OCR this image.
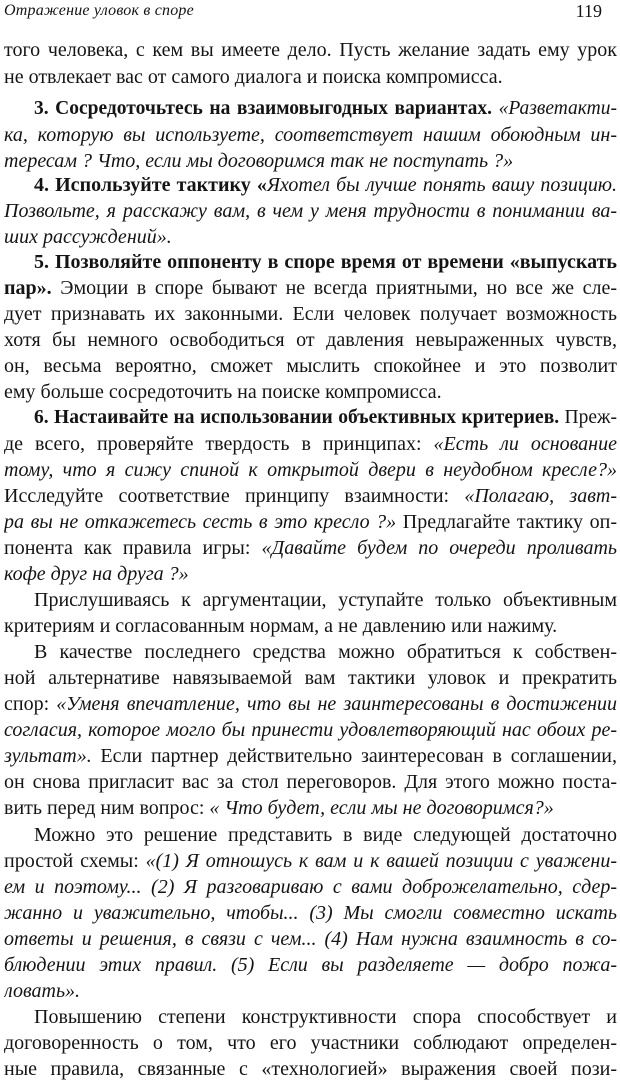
Отражение уловок в споре	119
того человека, с кем вы имеете дело. Пусть желание задать ему урок
не отвлекает вас от самого диалога и поиска компромисса.
3. Сосредоточьтесь на взаимовыгодных вариантах. «Разветакти-
ка, которую вы используете, соответствует нашим обоюдным ин-
тересам ? Что, если мы договоримся так не поступать ?»
4. Используйте тактику «Яхотел бы лучше понять вашу позицию.
Позвольте, я расскажу вам, в чем у меня трудности в понимании ва-
ших рассуждений».
5. Позволяйте оппоненту в споре время от времени «выпускать
пар». Эмоции в споре бывают не всегда приятными, но все же сле-
дует признавать их законными. Если человек получает возможность
хотя бы немного освободиться от давления невыраженных чувств,
он, весьма вероятно, сможет мыслить спокойнее и это позволит
ему больше сосредоточить на поиске компромисса.
6. Настаивайте на использовании объективных критериев. Преж-
де всего, проверяйте твердость в принципах: «Есть ли основание
тому, что я сижу спиной к открытой двери в неудобном кресле?»
Исследуйте соответствие принципу взаимности: «Полагаю, завт-
ра вы не откажетесь сесть в это кресло ?» Предлагайте тактику оп-
понента как правила игры: «Давайте будем по очереди проливать
кофе друг на друга ?»
Прислушиваясь к аргументации, уступайте только объективным
критериям и согласованным нормам, а не давлению или нажиму.
В качестве последнего средства можно обратиться к собствен-
ной альтернативе навязываемой вам тактики уловок и прекратить
спор: «Уменя впечатление, что вы не заинтересованы в достижении
согласия, которое могло бы принести удовлетворяющий нас обоих ре-
зультат». Если партнер действительно заинтересован в соглашении,
он снова пригласит вас за стол переговоров. Для этого можно поста-
вить перед ним вопрос: « Что будет, если мы не договоримся?»
Можно это решение представить в виде следующей достаточно
простой схемы: «(1) Я отношусь к вам и к вашей позиции с уважени-
ем и поэтому... (2) Я разговариваю с вами доброжелательно, сдер-
жанно и уважительно, чтобы... (3) Мы смогли совместно искать
ответы и решения, в связи с чем... (4) Нам нужна взаимность в со-
блюдении этих правил. (5) Если вы разделяете — добро пожа-
ловать».
Повышению степени конструктивности спора способствует и
договоренность о том, что его участники соблюдают определен-
ные правила, связанные с «технологией» выражения своей пози-
